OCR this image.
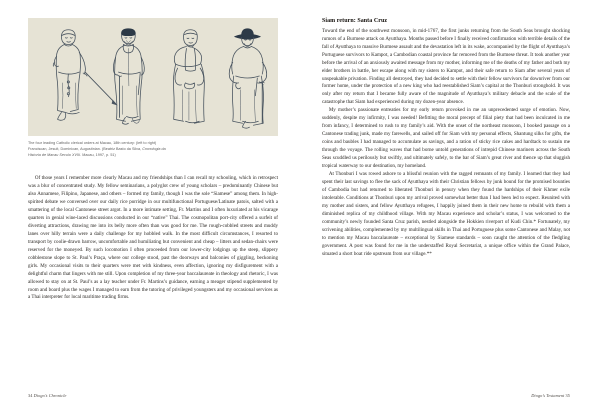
The four leading Catholic clerical orders at Macau, 18th century: (left to right)
Franciscan, Jesuit, Dominican, Augustinian. (Beatriz Basto da Silva, Cronologia da
Historia de Macau Seculo XVIII. Macau, 1997, p. 51)

Of those years I remember more clearly Macau and my friendships than I can recall my schooling, which in retrospect was a blur of concentrated study. My fellow seminarians, a polyglot crew of young scholars – predominantly Chinese but also Annamese, Filipino, Japanese, and others – formed my family, though I was the sole “Siamese” among them. In high-spirited debate we conversed over our daily rice porridge in our multifunctional Portuguese/Latinate patois, salted with a smattering of the local Cantonese street argot. In a more intimate setting, Fr. Martins and I often luxuriated at his vicarage quarters in genial wine-laced discussions conducted in our “native” Thai. The cosmopolitan port-city offered a surfeit of diverting attractions, drawing me into its belly more often than was good for me. The rough-cobbled streets and muddy lanes over hilly terrain were a daily challenge for my hobbled walk. In the most difficult circumstances, I resorted to transport by coolie-drawn barrow, uncomfortable and humiliating but convenient and cheap – litters and sedan-chairs were reserved for the moneyed. By such locomotion I often proceeded from our lower-city lodgings up the steep, slippery cobblestone slope to St. Paul’s Praça, where our college stood, past the doorways and balconies of giggling, beckoning girls. My occasional visits to their quarters were met with kindness, even affection, ignoring my disfigurement with a delightful charm that lingers with me still. Upon completion of my three-year baccalaureate in theology and rhetoric, I was allowed to stay on at St. Paul’s as a lay teacher under Fr. Martins’s guidance, earning a meager stipend supplemented by room and board plus the wages I managed to earn from the tutoring of privileged youngsters and my occasional services as a Thai interpreter for local maritime trading firms.

34 Diogo’s Chronicle
Siam return: Santa Cruz

Toward the end of the southwest monsoon, in mid-1767, the first junks returning from the South Seas brought shocking rumors of a Burmese attack on Ayutthaya. Months passed before I finally received confirmation with terrible details of the fall of Ayutthaya to massive Burmese assault and the devastation left in its wake, accompanied by the flight of Ayutthaya’s Portuguese survivors to Kampot, a Cambodian coastal province far removed from the Burmese threat. It took another year before the arrival of an anxiously awaited message from my mother, informing me of the deaths of my father and both my elder brothers in battle, her escape along with my sisters to Kampot, and their safe return to Siam after several years of unspeakable privation. Finding all destroyed, they had decided to settle with their fellow survivors far downriver from our former home, under the protection of a new king who had reestablished Siam’s capital at the Thonburi stronghold. It was only after my return that I became fully aware of the magnitude of Ayutthaya’s military debacle and the scale of the catastrophe that Siam had experienced during my dozen-year absence.

My mother’s passionate entreaties for my early return provoked in me an unprecedented surge of emotion. Now, suddenly, despite my infirmity, I was needed! Befitting the moral precept of filial piety that had been inculcated in me from infancy, I determined to rush to my family’s aid. With the onset of the northeast monsoon, I booked passage on a Cantonese trading junk, made my farewells, and sailed off for Siam with my personal effects, Shantung silks for gifts, the coins and baubles I had managed to accumulate as savings, and a ration of sticky rice cakes and hardtack to sustain me through the voyage. The rolling waves that had borne untold generations of intrepid Chinese mariners across the South Seas scuddled us perilously but swiftly, and ultimately safely, to the bar of Siam’s great river and thence up that sluggish tropical waterway to our destination, my homeland.

At Thonburi I was rowed ashore to a blissful reunion with the ragged remnants of my family. I learned that they had spent their last savings to flee the sack of Ayutthaya with their Christian fellows by junk bound for the promised bounties of Cambodia but had returned to liberated Thonburi in penury when they found the hardships of their Khmer exile intolerable. Conditions at Thonburi upon my arrival proved somewhat better than I had been led to expect. Reunited with my mother and sisters, and fellow Ayutthaya refugees, I happily joined them in their new home to rebuild with them a diminished replica of my childhood village. With my Macau experience and scholar’s status, I was welcomed to the community’s newly founded Santa Cruz parish, nestled alongside the Hokkien riverport of Kudi Chin.* Fortunately, my scrivening abilities, complemented by my multilingual skills in Thai and Portuguese plus some Cantonese and Malay, not to mention my Macau baccalaureate – exceptional by Siamese standards – soon caught the attention of the fledgling government. A post was found for me in the understaffed Royal Secretariat, a unique office within the Grand Palace, situated a short boat ride upstream from our village.**

Diogo’s Testament 35
